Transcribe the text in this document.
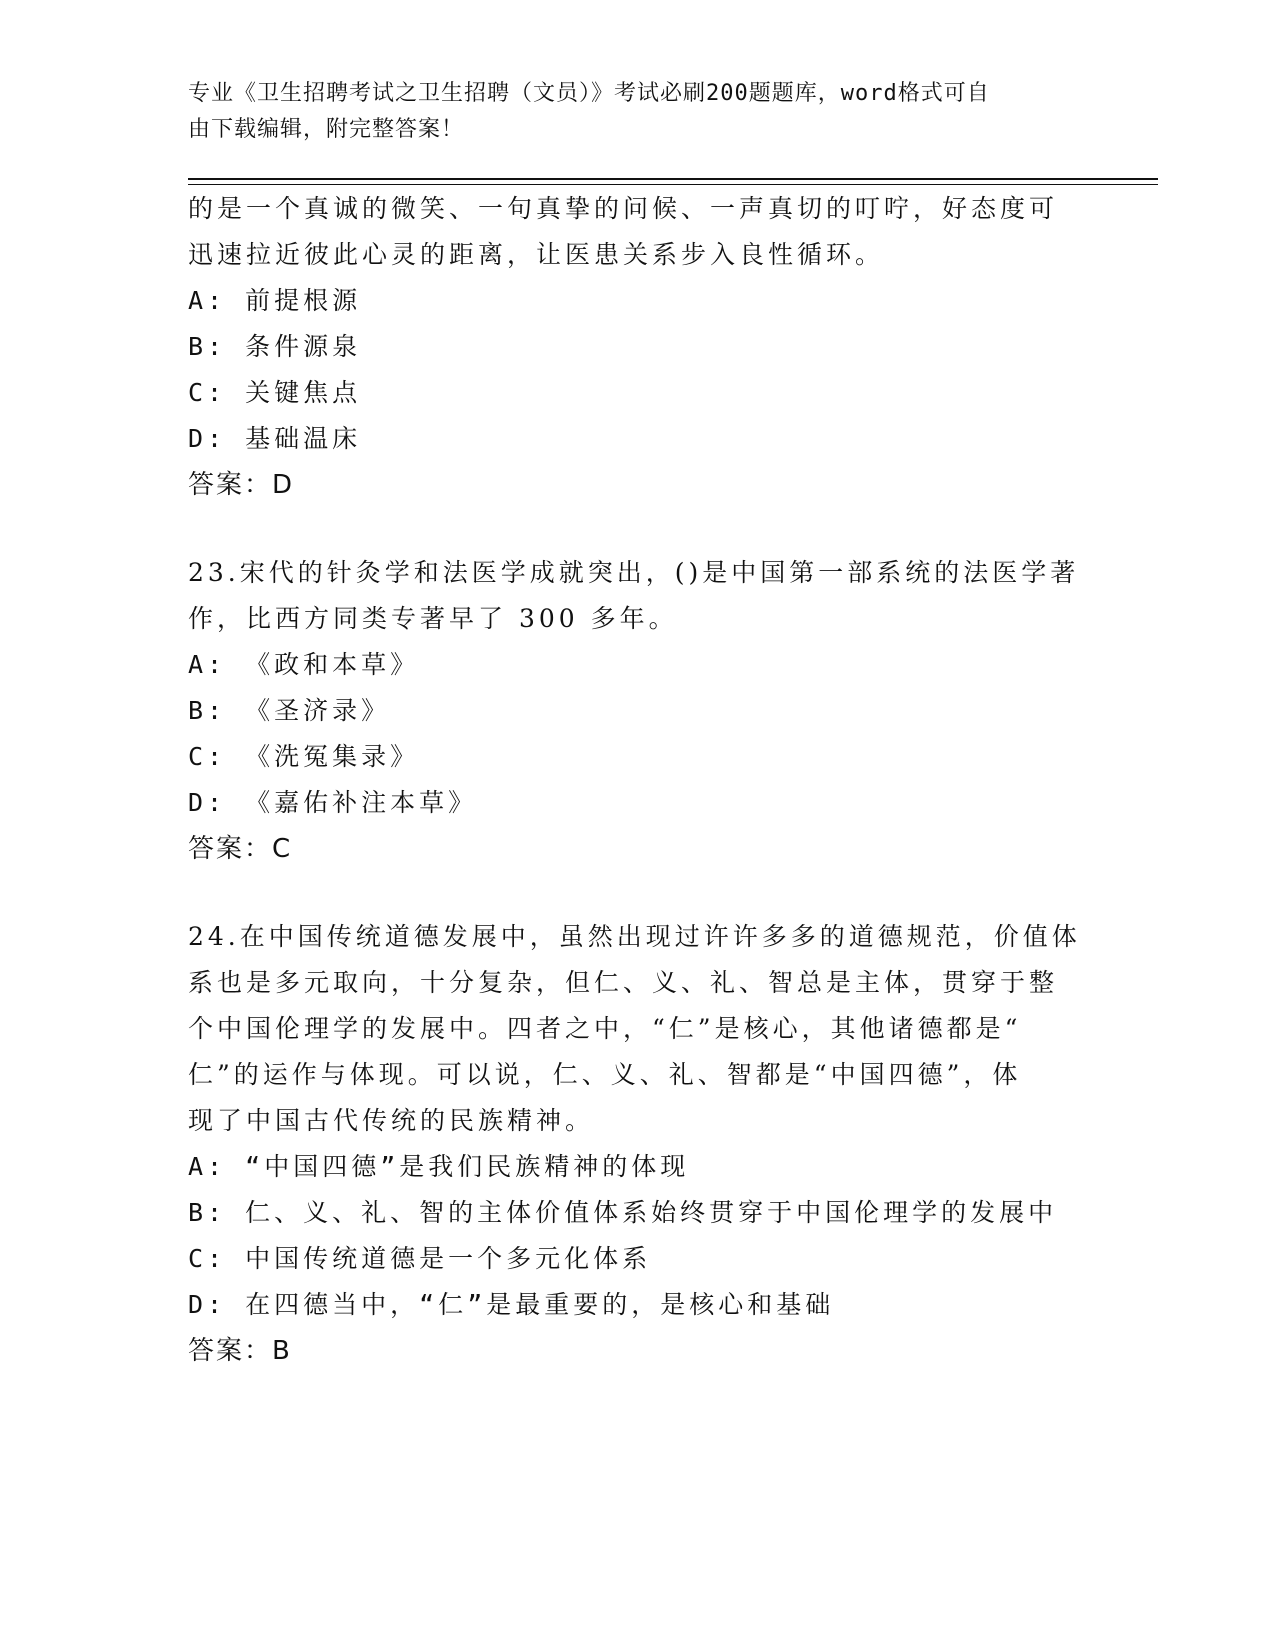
专业《卫生招聘考试之卫生招聘（文员）》考试必刷200题题库，word格式可自
由下载编辑，附完整答案！
的是一个真诚的微笑、一句真挚的问候、一声真切的叮咛，好态度可
迅速拉近彼此心灵的距离，让医患关系步入良性循环。
A: 前提根源
B: 条件源泉
C: 关键焦点
D: 基础温床
答案：D
23.宋代的针灸学和法医学成就突出，()是中国第一部系统的法医学著
作，比西方同类专著早了 300 多年。
A: 《政和本草》
B: 《圣济录》
C: 《洗冤集录》
D: 《嘉佑补注本草》
答案：C
24.在中国传统道德发展中，虽然出现过许许多多的道德规范，价值体
系也是多元取向，十分复杂，但仁、义、礼、智总是主体，贯穿于整
个中国伦理学的发展中。四者之中，“仁”是核心，其他诸德都是“
仁”的运作与体现。可以说，仁、义、礼、智都是“中国四德”，体
现了中国古代传统的民族精神。
A: “中国四德”是我们民族精神的体现
B: 仁、义、礼、智的主体价值体系始终贯穿于中国伦理学的发展中
C: 中国传统道德是一个多元化体系
D: 在四德当中，“仁”是最重要的，是核心和基础
答案：B
